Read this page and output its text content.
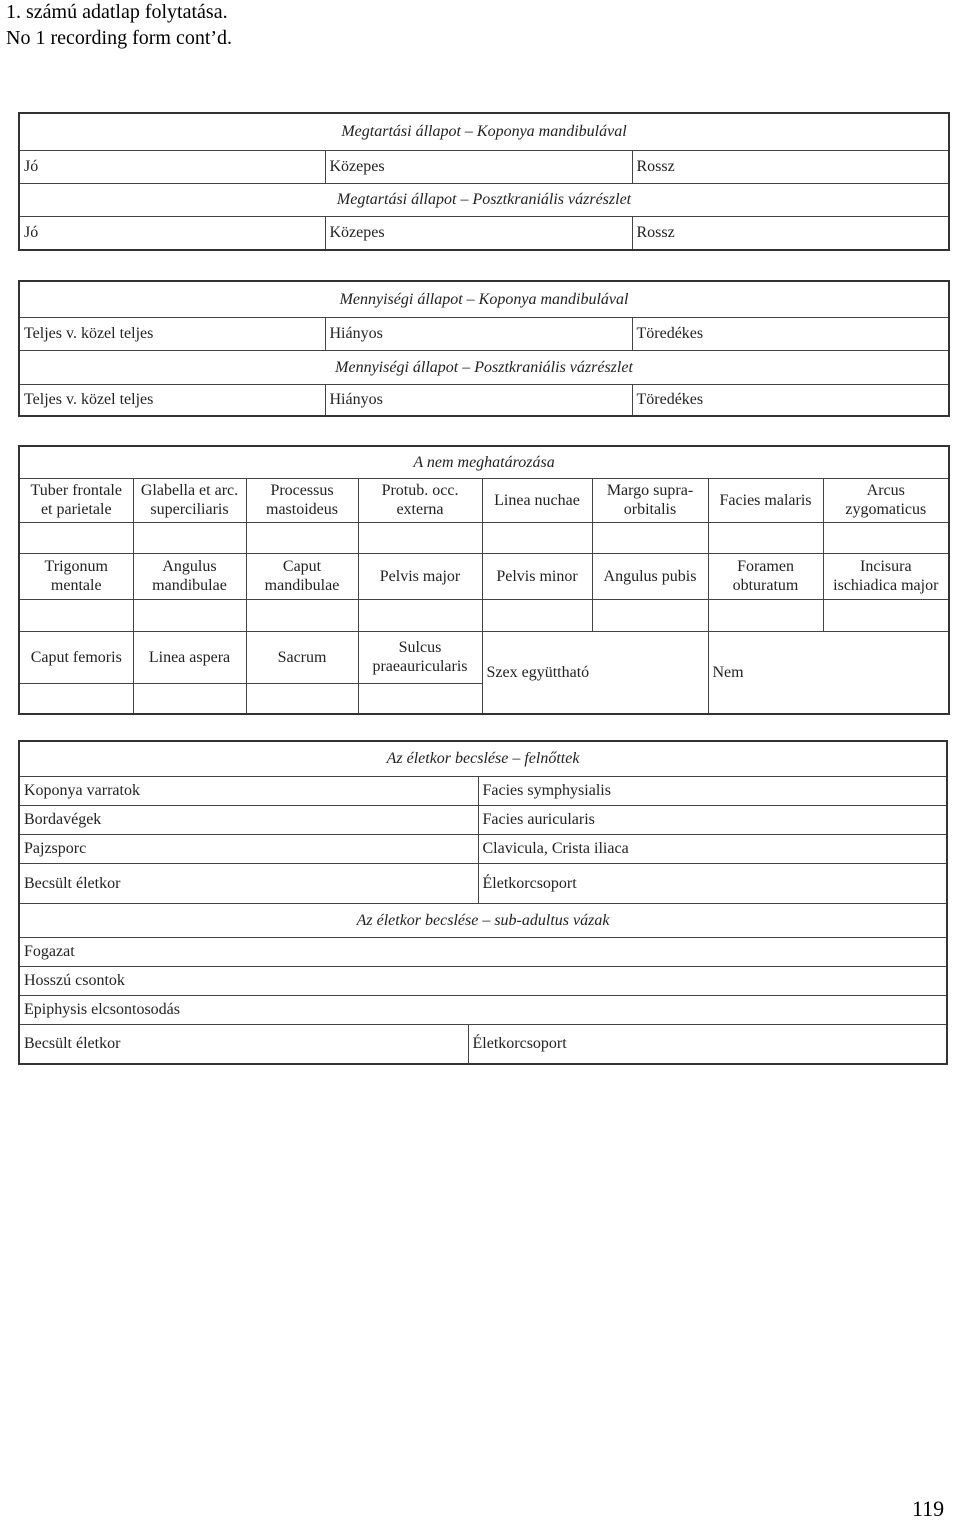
1. számú adatlap folytatása.
No 1 recording form cont’d.
Megtartási állapot – Koponya mandibulával		
Jó	Közepes	Rossz
Megtartási állapot – Posztkraniális vázrészlet		
Jó	Közepes	Rossz
Mennyiségi állapot – Koponya mandibulával		
Teljes v. közel teljes	Hiányos	Töredékes
Mennyiségi állapot – Posztkraniális vázrészlet		
Teljes v. közel teljes	Hiányos	Töredékes
A nem meghatározása							
Tuber frontale et parietale	Glabella et arc. superciliaris	Processus mastoideus	Protub. occ. externa	Linea nuchae	Margo supra-orbitalis	Facies malaris	Arcus zygomaticus

Trigonum mentale	Angulus mandibulae	Caput mandibulae	Pelvis major	Pelvis minor	Angulus pubis	Foramen obturatum	Incisura ischiadica major

Caput femoris	Linea aspera	Sacrum	Sulcus praeauricularis	Szex együttható		Nem	

Az életkor becslése – felnőttek		
Koponya varratok		Facies symphysialis
Bordavégek		Facies auricularis
Pajzsporc		Clavicula, Crista iliaca
Becsült életkor		Életkorcsoport
Az életkor becslése – sub-adultus vázak		
Fogazat		
Hosszú csontok		
Epiphysis elcsontosodás		
Becsült életkor	Életkorcsoport	
119
